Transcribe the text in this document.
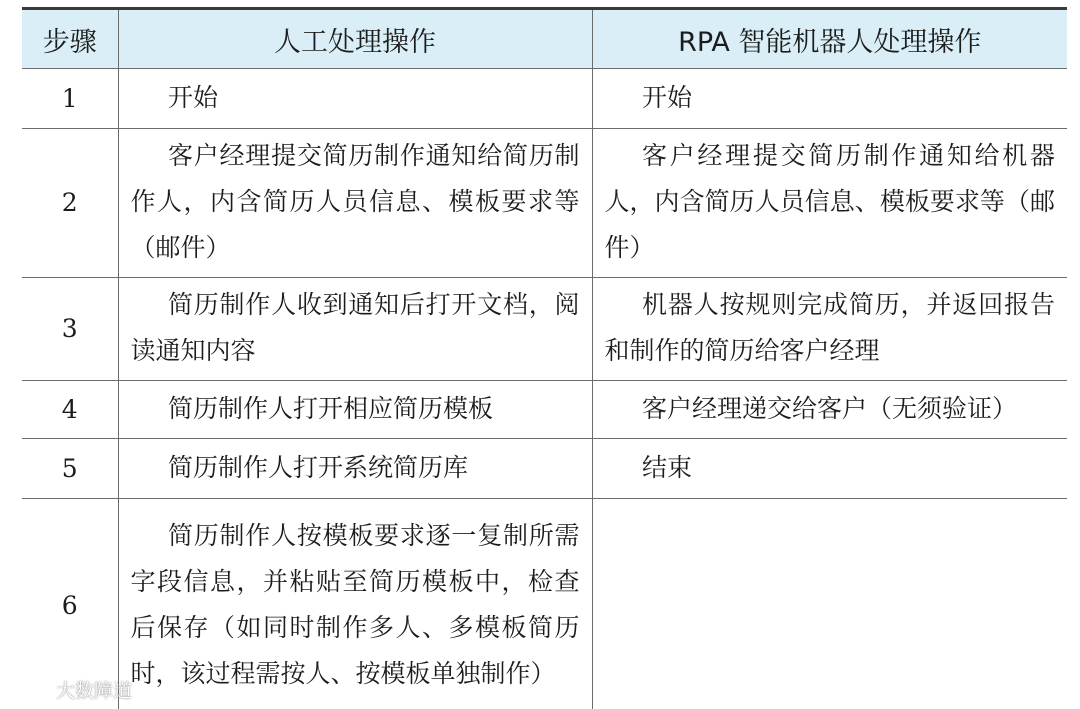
步骤	人工处理操作	RPA 智能机器人处理操作
1	开始	开始

2	客户经理提交简历制作通知给简历制作人，内含简历人员信息、模板要求等（邮件）	客户经理提交简历制作通知给机器人，内含简历人员信息、模板要求等（邮件）

3	简历制作人收到通知后打开文档，阅读通知内容	机器人按规则完成简历，并返回报告和制作的简历给客户经理

4	简历制作人打开相应简历模板	客户经理递交给客户（无须验证）

5	简历制作人打开系统简历库	结束

6	简历制作人按模板要求逐一复制所需字段信息，并粘贴至简历模板中，检查后保存（如同时制作多人、多模板简历时，该过程需按人、按模板单独制作）	

大数障道
